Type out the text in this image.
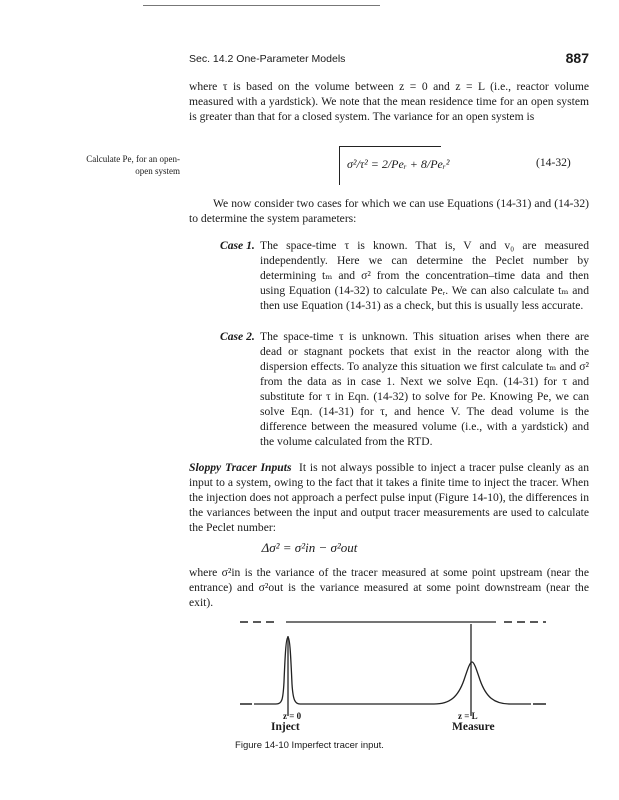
Sec. 14.2 One-Parameter Models	887

where τ is based on the volume between z = 0 and z = L (i.e., reactor volume measured with a yardstick). We note that the mean residence time for an open system is greater than that for a closed system. The variance for an open system is

Calculate Pe, for an open-open system	σ²/τ² = 2/Peᵣ + 8/Peᵣ²	(14-32)

We now consider two cases for which we can use Equations (14-31) and (14-32) to determine the system parameters:

Case 1. The space-time τ is known. That is, V and v₀ are measured independently. Here we can determine the Peclet number by determining tₘ and σ² from the concentration–time data and then using Equation (14-32) to calculate Peᵣ. We can also calculate tₘ and then use Equation (14-31) as a check, but this is usually less accurate.
Case 2. The space-time τ is unknown. This situation arises when there are dead or stagnant pockets that exist in the reactor along with the dispersion effects. To analyze this situation we first calculate tₘ and σ² from the data as in case 1. Next we solve Eqn. (14-31) for τ and substitute for τ in Eqn. (14-32) to solve for Pe. Knowing Pe, we can solve Eqn. (14-31) for τ, and hence V. The dead volume is the difference between the measured volume (i.e., with a yardstick) and the volume calculated from the RTD.

Sloppy Tracer Inputs It is not always possible to inject a tracer pulse cleanly as an input to a system, owing to the fact that it takes a finite time to inject the tracer. When the injection does not approach a perfect pulse input (Figure 14-10), the differences in the variances between the input and output tracer measurements are used to calculate the Peclet number:

Δσ² = σ²in − σ²out

where σ²in is the variance of the tracer measured at some point upstream (near the entrance) and σ²out is the variance measured at some point downstream (near the exit).

z = 0	z = L
Inject	Measure
Figure 14-10 Imperfect tracer input.
